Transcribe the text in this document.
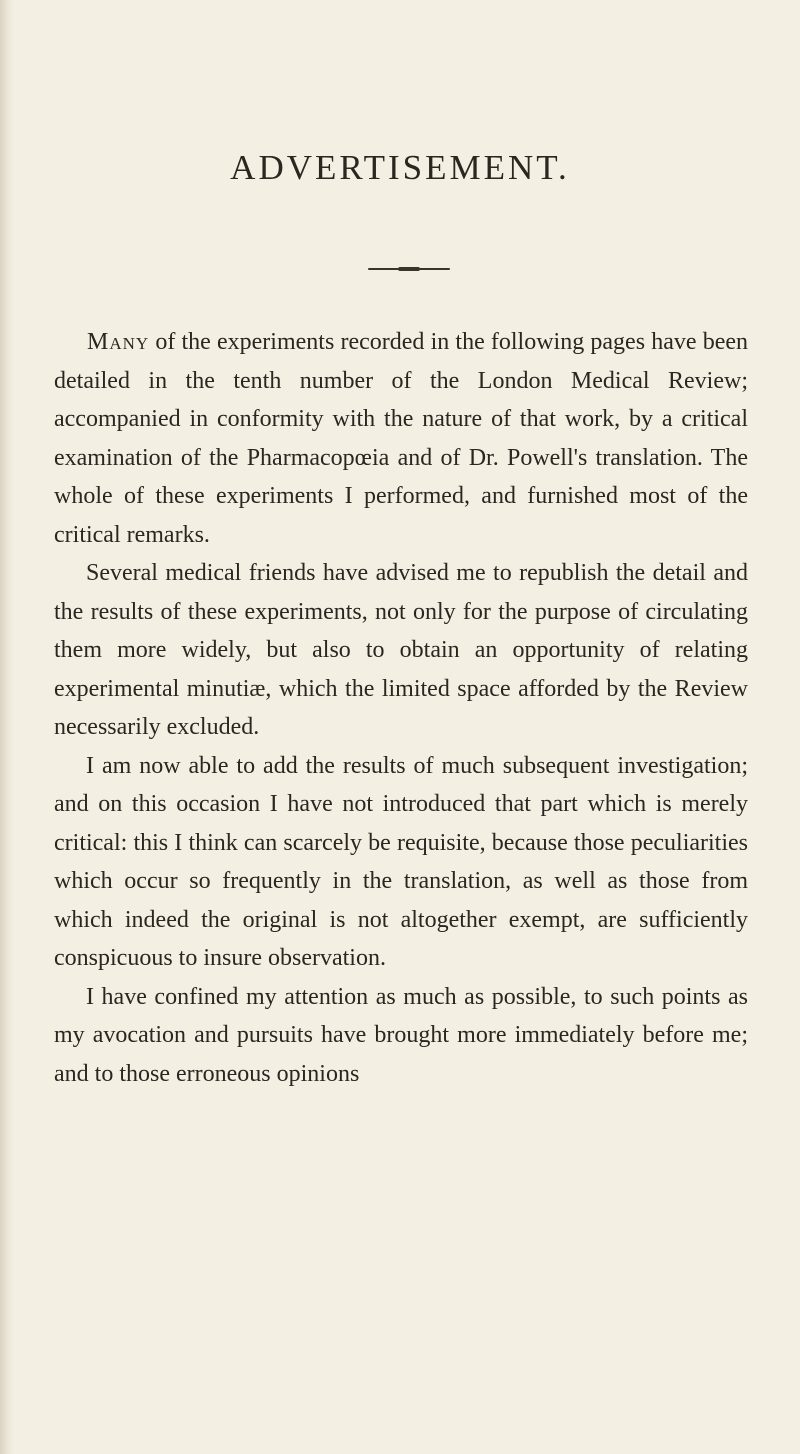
ADVERTISEMENT.

Many of the experiments recorded in the following pages have been detailed in the tenth number of the London Medical Review; accompanied in conformity with the nature of that work, by a critical examination of the Pharmacopœia and of Dr. Powell's translation. The whole of these experiments I performed, and furnished most of the critical remarks.

Several medical friends have advised me to republish the detail and the results of these experiments, not only for the purpose of circulating them more widely, but also to obtain an opportunity of relating experimental minutiæ, which the limited space afforded by the Review necessarily excluded.

I am now able to add the results of much subsequent investigation; and on this occasion I have not introduced that part which is merely critical: this I think can scarcely be requisite, because those peculiarities which occur so frequently in the translation, as well as those from which indeed the original is not altogether exempt, are sufficiently conspicuous to insure observation.

I have confined my attention as much as possible, to such points as my avocation and pursuits have brought more immediately before me; and to those erroneous opinions
